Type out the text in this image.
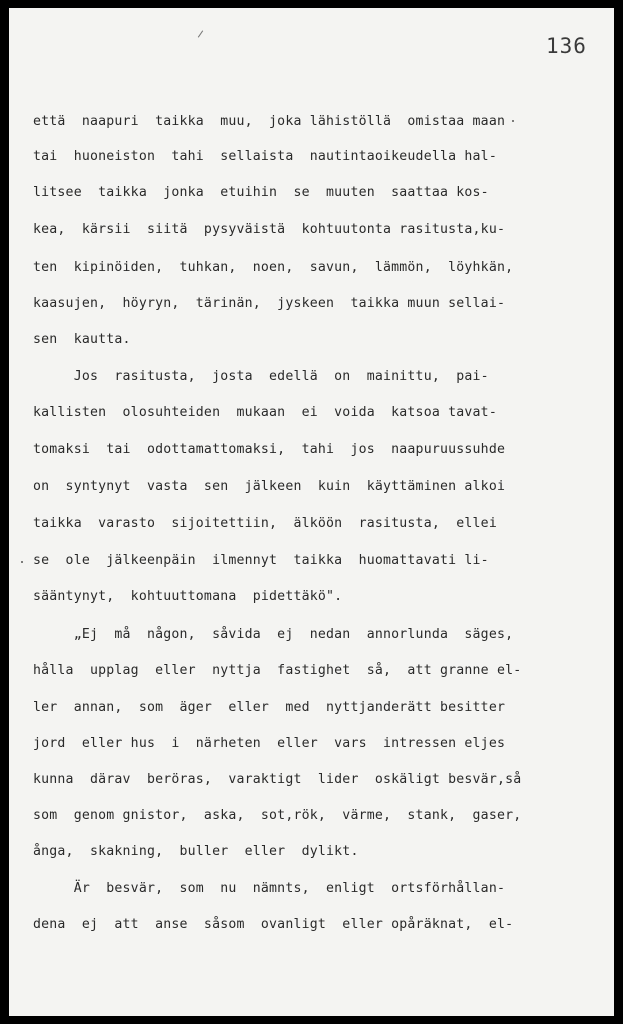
136
että  naapuri  taikka  muu,  joka lähistöllä  omistaa maan
tai  huoneiston  tahi  sellaista  nautintaoikeudella hal-
litsee  taikka  jonka  etuihin  se  muuten  saattaa kos-
kea,  kärsii  siitä  pysyväistä  kohtuutonta rasitusta,ku-
ten  kipinöiden,  tuhkan,  noen,  savun,  lämmön,  löyhkän,
kaasujen,  höyryn,  tärinän,  jyskeen  taikka muun sellai-
sen  kautta.
Jos  rasitusta,  josta  edellä  on  mainittu,  pai-
kallisten  olosuhteiden  mukaan  ei  voida  katsoa tavat-
tomaksi  tai  odottamattomaksi,  tahi  jos  naapuruussuhde
on  syntynyt  vasta  sen  jälkeen  kuin  käyttäminen alkoi
taikka  varasto  sijoitettiin,  älköön  rasitusta,  ellei
se  ole  jälkeenpäin  ilmennyt  taikka  huomattavati li-
sääntynyt,  kohtuuttomana  pidettäkö".
„Ej  må  någon,  såvida  ej  nedan  annorlunda  säges,
hålla  upplag  eller  nyttja  fastighet  så,  att granne el-
ler  annan,  som  äger  eller  med  nyttjanderätt besitter
jord  eller hus  i  närheten  eller  vars  intressen eljes
kunna  därav  beröras,  varaktigt  lider  oskäligt besvär,så
som  genom gnistor,  aska,  sot,rök,  värme,  stank,  gaser,
ånga,  skakning,  buller  eller  dylikt.
Är  besvär,  som  nu  nämnts,  enligt  ortsförhållan-
dena  ej  att  anse  såsom  ovanligt  eller opåräknat,  el-
